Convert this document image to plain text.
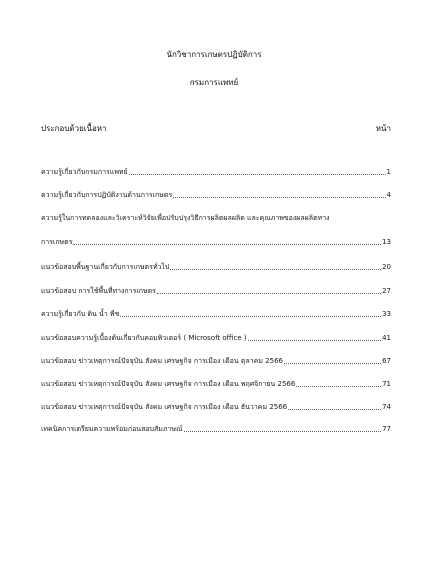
นักวิชาการเกษตรปฏิบัติการ
กรมการแพทย์
ประกอบด้วยเนื้อหา	หน้า
ความรู้เกี่ยวกับกรมการแพทย์	1
ความรู้เกี่ยวกับการปฏิบัติงานด้านการเกษตร	4
ความรู้ในการทดลองและวิเคราะห์วิจัยเพื่อปรับปรุงวิธีการผลิตผลผลิต และคุณภาพของผลผลิตทาง
การเกษตร	13
แนวข้อสอบพื้นฐานเกี่ยวกับการเกษตรทั่วไป	20
แนวข้อสอบ การใช้พื้นที่ทางการเกษตร	27
ความรู้เกี่ยวกับ ดิน น้ำ พืช	33
แนวข้อสอบความรู้เบื้องต้นเกี่ยวกับคอมพิวเตอร์ ( Microsoft office )	41
แนวข้อสอบ ข่าวเหตุการณ์ปัจจุบัน สังคม เศรษฐกิจ การเมือง เดือน ตุลาคม 2566	67
แนวข้อสอบ ข่าวเหตุการณ์ปัจจุบัน สังคม เศรษฐกิจ การเมือง เดือน พฤศจิกายน 2566	71
แนวข้อสอบ ข่าวเหตุการณ์ปัจจุบัน สังคม เศรษฐกิจ การเมือง เดือน ธันวาคม 2566	74
เทคนิคการเตรียมความพร้อมก่อนสอบสัมภาษณ์	77
